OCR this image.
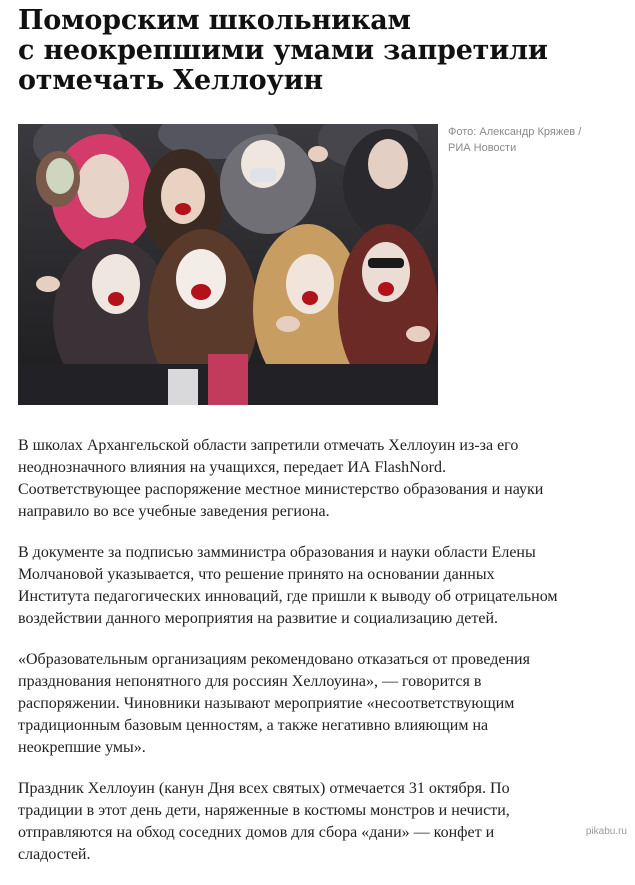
Поморским школьникам
с неокрепшими умами запретили
отмечать Хеллоуин
Фото: Александр Кряжев /
РИА Новости

В школах Архангельской области запретили отмечать Хеллоуин из-за его
неоднозначного влияния на учащихся, передает ИА FlashNord.
Соответствующее распоряжение местное министерство образования и науки
направило во все учебные заведения региона.

В документе за подписью замминистра образования и науки области Елены
Молчановой указывается, что решение принято на основании данных
Института педагогических инноваций, где пришли к выводу об отрицательном
воздействии данного мероприятия на развитие и социализацию детей.

«Образовательным организациям рекомендовано отказаться от проведения
празднования непонятного для россиян Хеллоуина», — говорится в
распоряжении. Чиновники называют мероприятие «несоответствующим
традиционным базовым ценностям, а также негативно влияющим на
неокрепшие умы».

Праздник Хеллоуин (канун Дня всех святых) отмечается 31 октября. По
традиции в этот день дети, наряженные в костюмы монстров и нечисти,
отправляются на обход соседних домов для сбора «дани» — конфет и
сладостей.

pikabu.ru
